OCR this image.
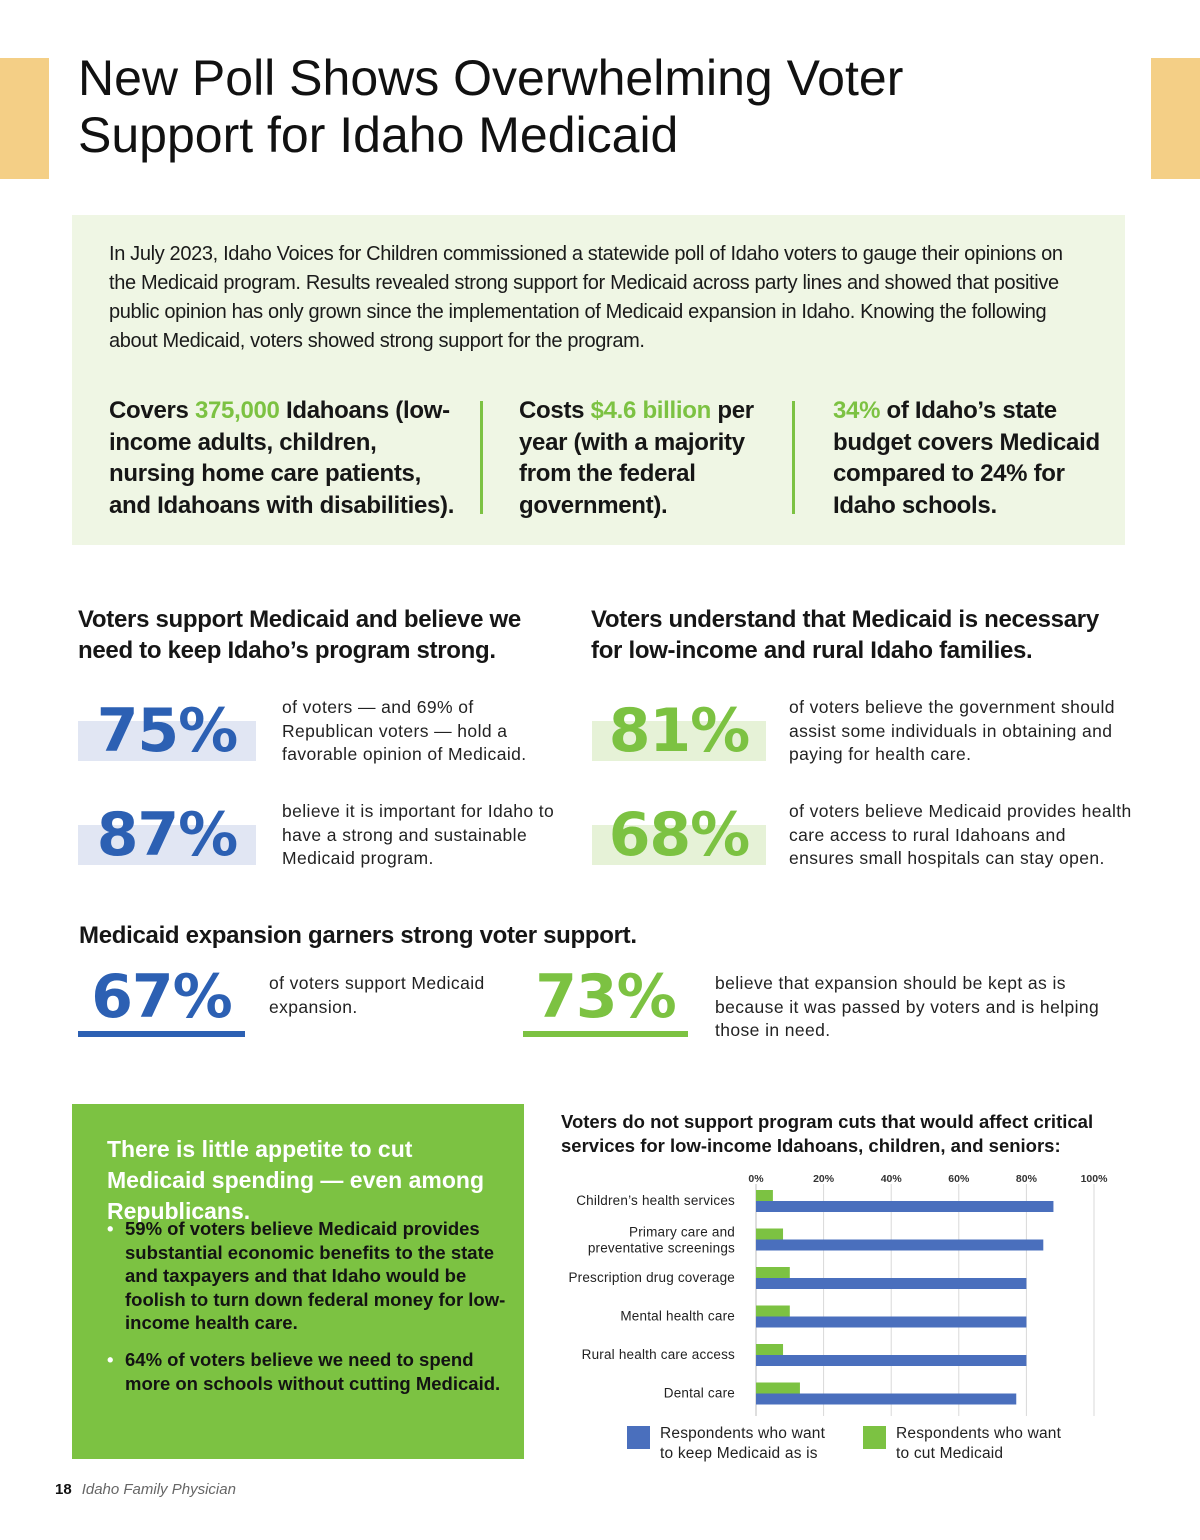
New Poll Shows Overwhelming Voter Support for Idaho Medicaid

In July 2023, Idaho Voices for Children commissioned a statewide poll of Idaho voters to gauge their opinions on the Medicaid program. Results revealed strong support for Medicaid across party lines and showed that positive public opinion has only grown since the implementation of Medicaid expansion in Idaho. Knowing the following about Medicaid, voters showed strong support for the program.

Covers 375,000 Idahoans (low-income adults, children, nursing home care patients, and Idahoans with disabilities).

Costs $4.6 billion per year (with a majority from the federal government).

34% of Idaho’s state budget covers Medicaid compared to 24% for Idaho schools.

Voters support Medicaid and believe we need to keep Idaho’s program strong.
Voters understand that Medicaid is necessary for low-income and rural Idaho families.
75%	of voters — and 69% of Republican voters — hold a favorable opinion of Medicaid.

87%	believe it is important for Idaho to have a strong and sustainable Medicaid program.

81%	of voters believe the government should assist some individuals in obtaining and paying for health care.

68%	of voters believe Medicaid provides health care access to rural Idahoans and ensures small hospitals can stay open.

Medicaid expansion garners strong voter support.
67%	of voters support Medicaid expansion.	73%	believe that expansion should be kept as is because it was passed by voters and is helping those in need.

There is little appetite to cut Medicaid spending — even among Republicans.

• 59% of voters believe Medicaid provides substantial economic benefits to the state and taxpayers and that Idaho would be foolish to turn down federal money for low-income health care.

• 64% of voters believe we need to spend more on schools without cutting Medicaid.

Voters do not support program cuts that would affect critical services for low-income Idahoans, children, and seniors:

0%	20%	40%	60%	80%	100%
Children’s health services
Primary care and preventative screenings
Prescription drug coverage
Mental health care
Rural health care access
Dental care

Respondents who want to keep Medicaid as is

Respondents who want to cut Medicaid

18 Idaho Family Physician
